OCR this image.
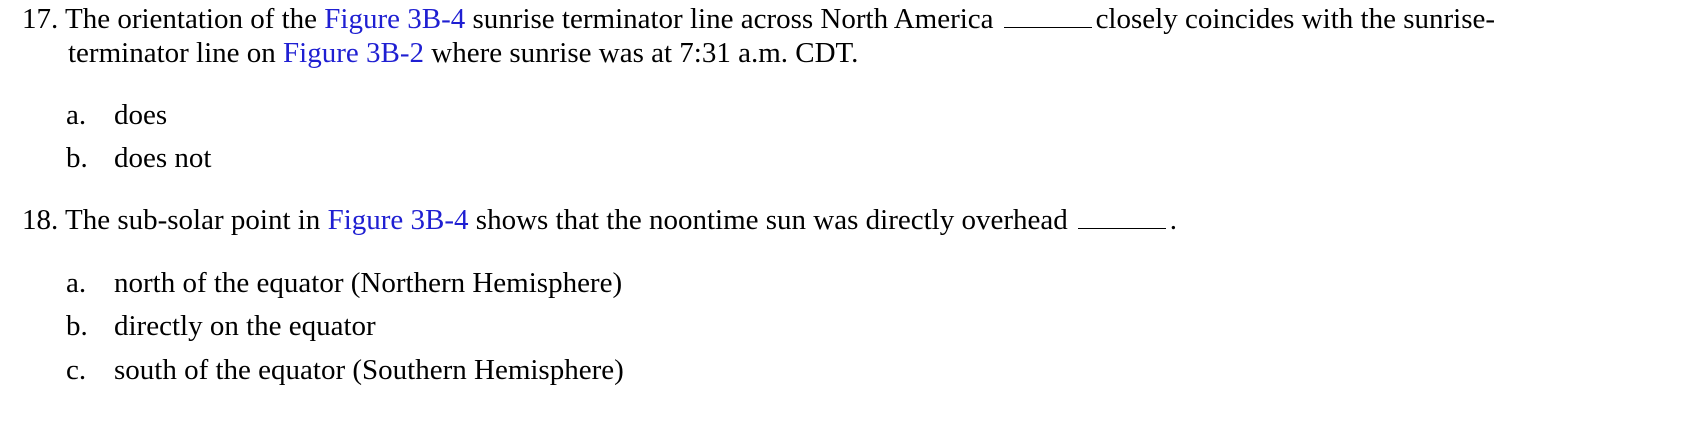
17. The orientation of the Figure 3B-4 sunrise terminator line across North America	closely coincides with the sunrise-
terminator line on Figure 3B-2 where sunrise was at 7:31 a.m. CDT.
a. does
b. does not
18. The sub-solar point in Figure 3B-4 shows that the noontime sun was directly overhead	.
a. north of the equator (Northern Hemisphere)
b. directly on the equator
c. south of the equator (Southern Hemisphere)
